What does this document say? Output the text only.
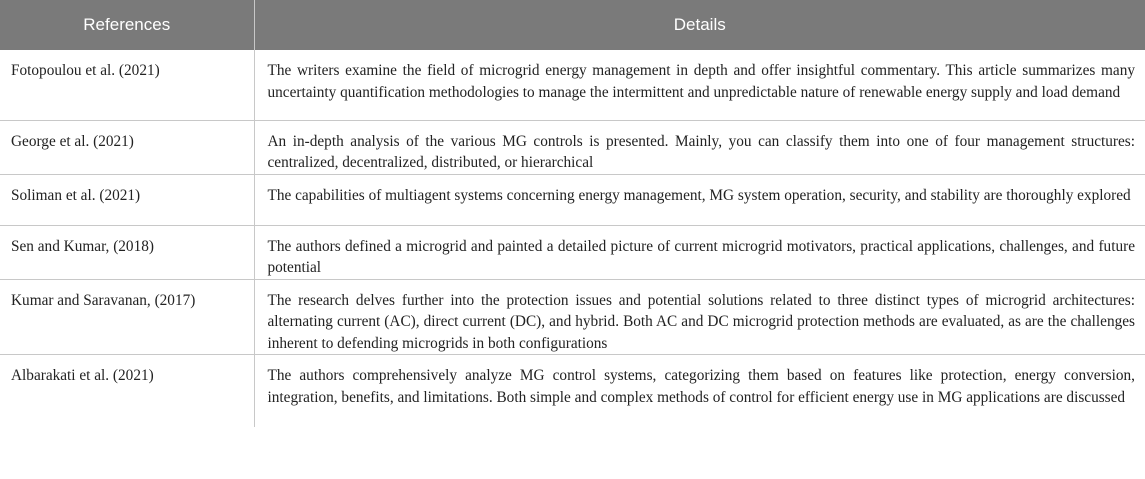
References	Details
Fotopoulou et al. (2021)	The writers examine the field of microgrid energy management in depth and offer insightful commentary. This article summarizes many uncertainty quantification methodologies to manage the intermittent and unpredictable nature of renewable energy supply and load demand
George et al. (2021)	An in-depth analysis of the various MG controls is presented. Mainly, you can classify them into one of four management structures: centralized, decentralized, distributed, or hierarchical
Soliman et al. (2021)	The capabilities of multiagent systems concerning energy management, MG system operation, security, and stability are thoroughly explored
Sen and Kumar, (2018)	The authors defined a microgrid and painted a detailed picture of current microgrid motivators, practical applications, challenges, and future potential
Kumar and Saravanan, (2017)	The research delves further into the protection issues and potential solutions related to three distinct types of microgrid architectures: alternating current (AC), direct current (DC), and hybrid. Both AC and DC microgrid protection methods are evaluated, as are the challenges inherent to defending microgrids in both configurations
Albarakati et al. (2021)	The authors comprehensively analyze MG control systems, categorizing them based on features like protection, energy conversion, integration, benefits, and limitations. Both simple and complex methods of control for efficient energy use in MG applications are discussed
